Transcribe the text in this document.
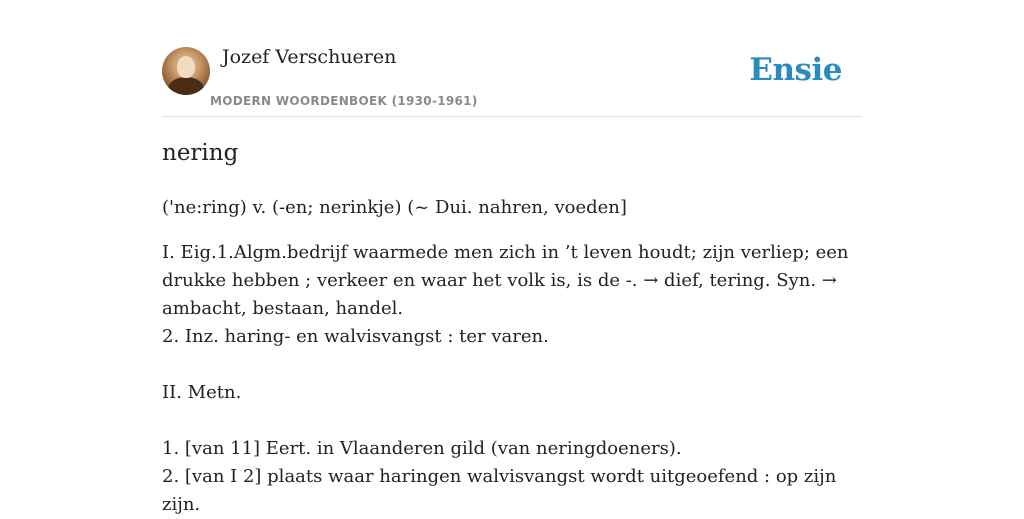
Jozef Verschueren
MODERN WOORDENBOEK (1930-1961)
Ensie
nering
('ne:ring) v. (-en; nerinkje) (~ Dui. nahren, voeden]

I. Eig.1.Algm.bedrijf waarmede men zich in ’t leven houdt; zijn verliep; een drukke hebben ; verkeer en waar het volk is, is de -. → dief, tering. Syn. → ambacht, bestaan, handel.

2. Inz. haring- en walvisvangst : ter varen.

II. Metn.

1. [van 11] Eert. in Vlaanderen gild (van neringdoeners).

2. [van I 2] plaats waar haringen walvisvangst wordt uitgeoefend : op zijn zijn.
